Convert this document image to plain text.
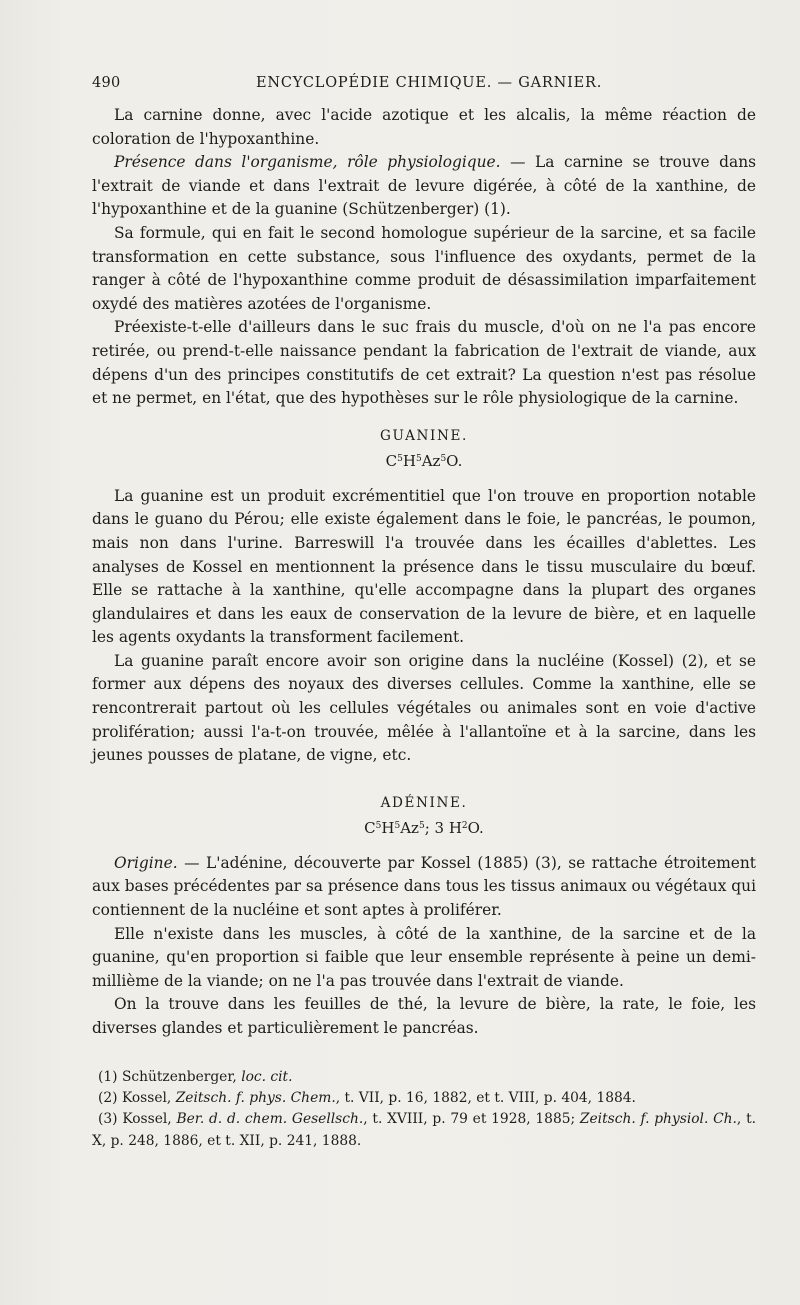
490	ENCYCLOPÉDIE CHIMIQUE. — GARNIER.

La carnine donne, avec l'acide azotique et les alcalis, la même réaction de coloration de l'hypoxanthine.

Présence dans l'organisme, rôle physiologique. — La carnine se trouve dans l'extrait de viande et dans l'extrait de levure digérée, à côté de la xanthine, de l'hypoxanthine et de la guanine (Schützenberger) (1).

Sa formule, qui en fait le second homologue supérieur de la sarcine, et sa facile transformation en cette substance, sous l'influence des oxydants, permet de la ranger à côté de l'hypoxanthine comme produit de désassimilation imparfaitement oxydé des matières azotées de l'organisme.

Préexiste-t-elle d'ailleurs dans le suc frais du muscle, d'où on ne l'a pas encore retirée, ou prend-t-elle naissance pendant la fabrication de l'extrait de viande, aux dépens d'un des principes constitutifs de cet extrait? La question n'est pas résolue et ne permet, en l'état, que des hypothèses sur le rôle physiologique de la carnine.

GUANINE.
$C^5H^5Az^5O$.

La guanine est un produit excrémentitiel que l'on trouve en proportion notable dans le guano du Pérou; elle existe également dans le foie, le pancréas, le poumon, mais non dans l'urine. Barreswill l'a trouvée dans les écailles d'ablettes. Les analyses de Kossel en mentionnent la présence dans le tissu musculaire du bœuf. Elle se rattache à la xanthine, qu'elle accompagne dans la plupart des organes glandulaires et dans les eaux de conservation de la levure de bière, et en laquelle les agents oxydants la transforment facilement.

La guanine paraît encore avoir son origine dans la nucléine (Kossel) (2), et se former aux dépens des noyaux des diverses cellules. Comme la xanthine, elle se rencontrerait partout où les cellules végétales ou animales sont en voie d'active prolifération; aussi l'a-t-on trouvée, mêlée à l'allantoïne et à la sarcine, dans les jeunes pousses de platane, de vigne, etc.

ADÉNINE.
$C^5H^5Az^5$; 3 $H^2O$.

Origine. — L'adénine, découverte par Kossel (1885) (3), se rattache étroitement aux bases précédentes par sa présence dans tous les tissus animaux ou végétaux qui contiennent de la nucléine et sont aptes à proliférer.

Elle n'existe dans les muscles, à côté de la xanthine, de la sarcine et de la guanine, qu'en proportion si faible que leur ensemble représente à peine un demi-millième de la viande; on ne l'a pas trouvée dans l'extrait de viande.

On la trouve dans les feuilles de thé, la levure de bière, la rate, le foie, les diverses glandes et particulièrement le pancréas.

(1) Schützenberger, loc. cit.

(2) Kossel, Zeitsch. f. phys. Chem., t. VII, p. 16, 1882, et t. VIII, p. 404, 1884.

(3) Kossel, Ber. d. d. chem. Gesellsch., t. XVIII, p. 79 et 1928, 1885; Zeitsch. f. physiol. Ch., t. X, p. 248, 1886, et t. XII, p. 241, 1888.
